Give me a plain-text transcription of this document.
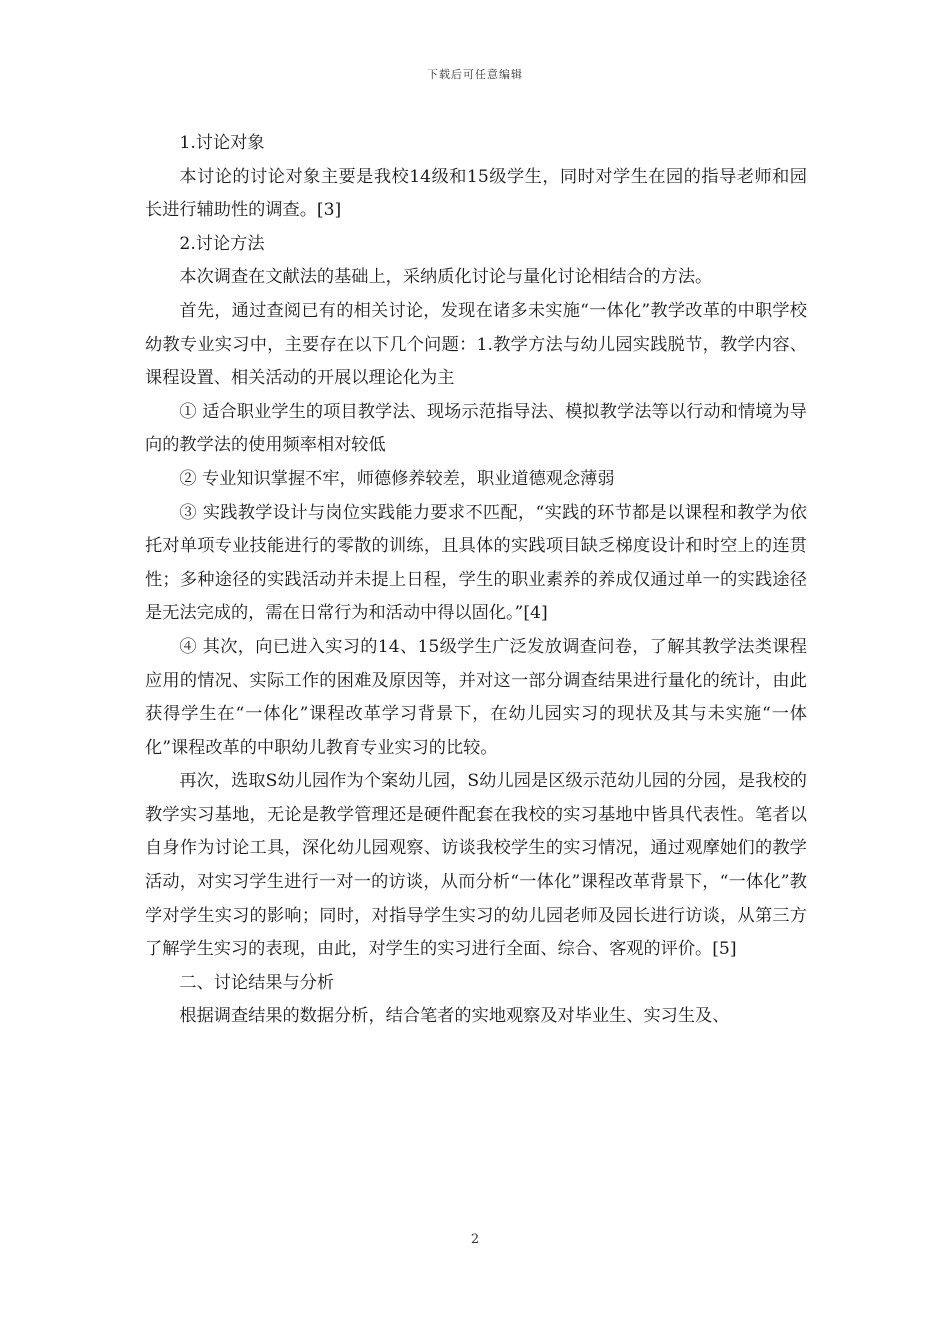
下载后可任意编辑

1.讨论对象

本讨论的讨论对象主要是我校14级和15级学生，同时对学生在园的指导老师和园长进行辅助性的调查。[3]

2.讨论方法

本次调查在文献法的基础上，采纳质化讨论与量化讨论相结合的方法。

首先，通过查阅已有的相关讨论，发现在诸多未实施“一体化”教学改革的中职学校幼教专业实习中，主要存在以下几个问题：1.教学方法与幼儿园实践脱节，教学内容、课程设置、相关活动的开展以理论化为主

① 适合职业学生的项目教学法、现场示范指导法、模拟教学法等以行动和情境为导向的教学法的使用频率相对较低

② 专业知识掌握不牢，师德修养较差，职业道德观念薄弱

③ 实践教学设计与岗位实践能力要求不匹配，“实践的环节都是以课程和教学为依托对单项专业技能进行的零散的训练，且具体的实践项目缺乏梯度设计和时空上的连贯性；多种途径的实践活动并未提上日程，学生的职业素养的养成仅通过单一的实践途径是无法完成的，需在日常行为和活动中得以固化。”[4]

④ 其次，向已进入实习的14、15级学生广泛发放调查问卷，了解其教学法类课程应用的情况、实际工作的困难及原因等，并对这一部分调查结果进行量化的统计，由此获得学生在“一体化”课程改革学习背景下，在幼儿园实习的现状及其与未实施“一体化”课程改革的中职幼儿教育专业实习的比较。

再次，选取S幼儿园作为个案幼儿园，S幼儿园是区级示范幼儿园的分园，是我校的教学实习基地，无论是教学管理还是硬件配套在我校的实习基地中皆具代表性。笔者以自身作为讨论工具，深化幼儿园观察、访谈我校学生的实习情况，通过观摩她们的教学活动，对实习学生进行一对一的访谈，从而分析“一体化”课程改革背景下，“一体化”教学对学生实习的影响；同时，对指导学生实习的幼儿园老师及园长进行访谈，从第三方了解学生实习的表现，由此，对学生的实习进行全面、综合、客观的评价。[5]

二、讨论结果与分析

根据调查结果的数据分析，结合笔者的实地观察及对毕业生、实习生及、

2
